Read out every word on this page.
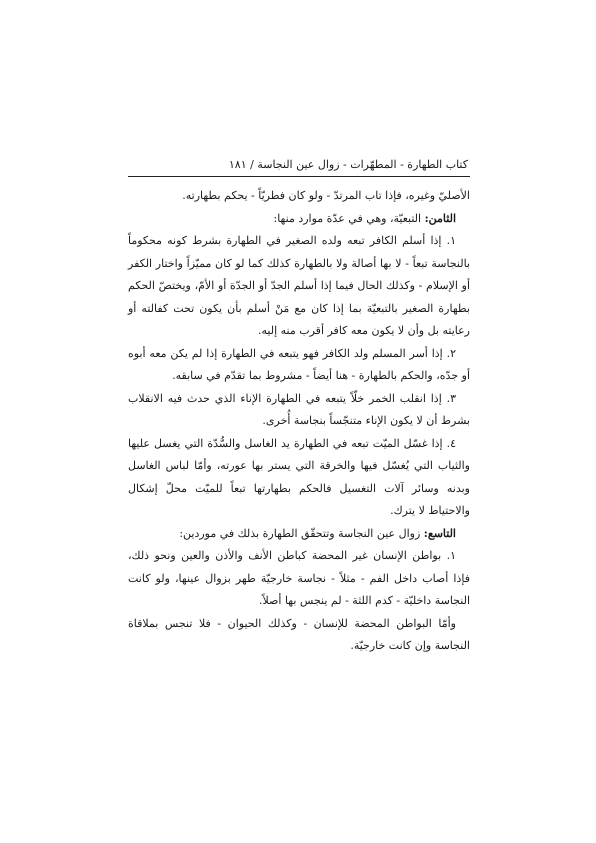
كتاب الطهارة - المطهّرات - زوال عين النجاسة / ١٨١

الأصليّ وغيره، فإذا تاب المرتدّ - ولو كان فطريّاً - يحكم بطهارته.

الثامن: التبعيّة، وهي في عدّة موارد منها:

١. إذا أسلم الكافر تبعه ولده الصغير في الطهارة بشرط كونه محكوماً بالنجاسة تبعاً - لا بها أصالة ولا بالطهارة كذلك كما لو كان مميّزاً واختار الكفر أو الإسلام - وكذلك الحال فيما إذا أسلم الجدّ أو الجدّة أو الأمّ، ويختصّ الحكم بطهارة الصغير بالتبعيّة بما إذا كان مع مَنْ أسلم بأن يكون تحت كفالته أو رعايته بل وأن لا يكون معه كافر أقرب منه إليه.

٢. إذا أسر المسلم ولد الكافر فهو يتبعه في الطهارة إذا لم يكن معه أبوه أو جدّه، والحكم بالطهارة - هنا أيضاً - مشروط بما تقدّم في سابقه.

٣. إذا انقلب الخمر خلّاً يتبعه في الطهارة الإناء الذي حدث فيه الانقلاب بشرط أن لا يكون الإناء متنجّساً بنجاسة أُخرى.

٤. إذا غسّل الميّت تبعه في الطهارة يد الغاسل والسُّدّة التي يغسل عليها والثياب التي يُغسّل فيها والخرقة التي يستر بها عورته، وأمّا لباس الغاسل وبدنه وسائر آلات التغسيل فالحكم بطهارتها تبعاً للميّت محلّ إشكال والاحتياط لا يترك.

التاسع: زوال عين النجاسة وتتحقّق الطهارة بذلك في موردين:

١. بواطن الإنسان غير المحضة كباطن الأنف والأذن والعين ونحو ذلك، فإذا أصاب داخل الفم - مثلاً - نجاسة خارجيّة طهر بزوال عينها، ولو كانت النجاسة داخليّة - كدم اللثة - لم ينجس بها أصلاً.

وأمّا البواطن المحضة للإنسان - وكذلك الحيوان - فلا تنجس بملاقاة النجاسة وإن كانت خارجيّة.
